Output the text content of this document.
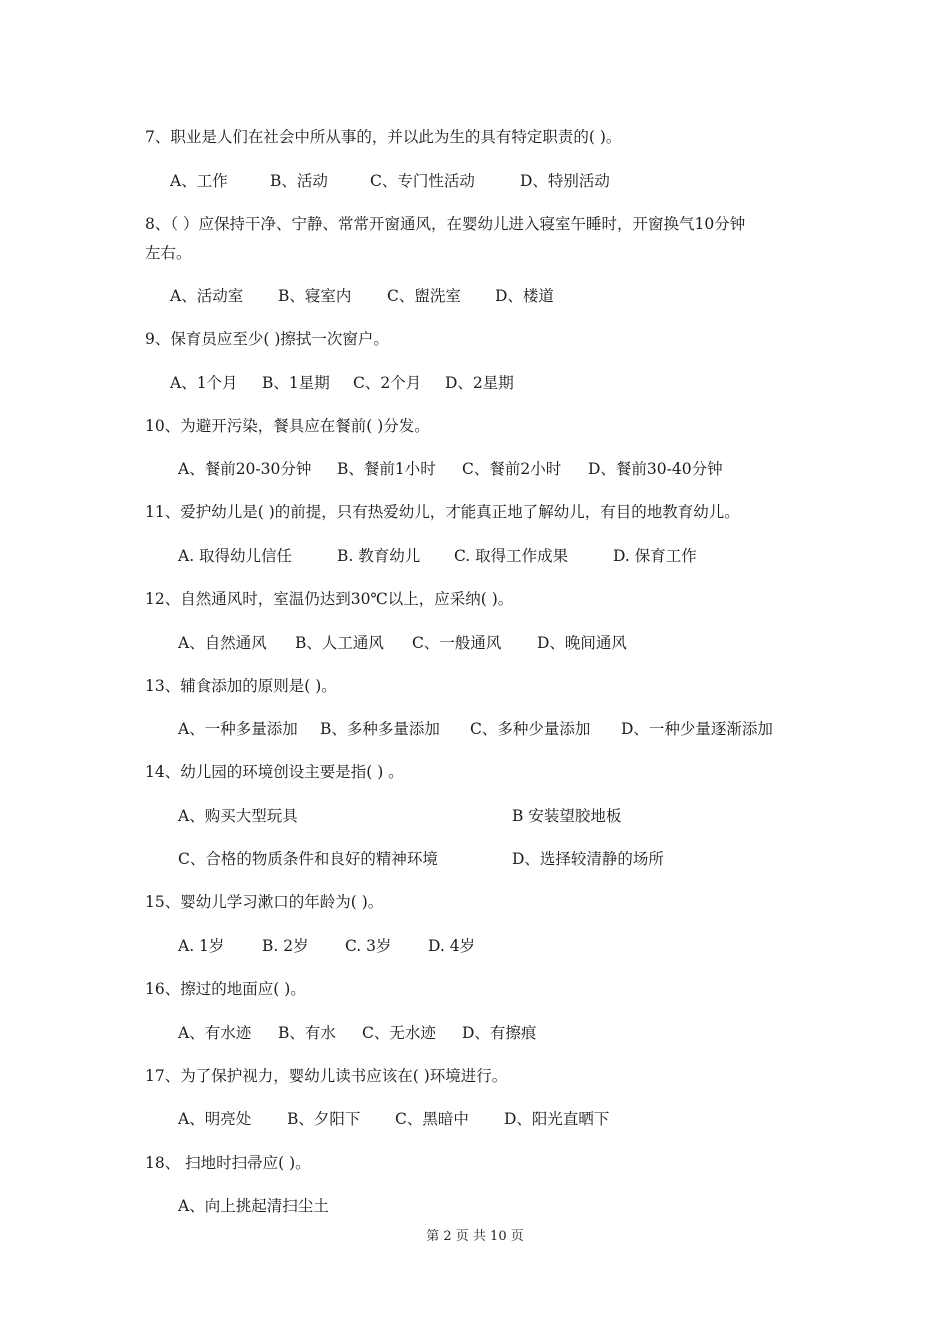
7、职业是人们在社会中所从事的，并以此为生的具有特定职责的( )。
A、工作	B、活动	C、专门性活动	D、特别活动
8、（ ）应保持干净、宁静、常常开窗通风，在婴幼儿进入寝室午睡时，开窗换气10分钟
左右。
A、活动室 B、寝室内 C、盥洗室 D、楼道
9、保育员应至少( )擦拭一次窗户。
A、1个月 B、1星期 C、2个月 D、2星期
10、为避开污染，餐具应在餐前( )分发。
A、餐前20-30分钟 B、餐前1小时 C、餐前2小时 D、餐前30-40分钟
11、爱护幼儿是( )的前提，只有热爱幼儿，才能真正地了解幼儿，有目的地教育幼儿。
A. 取得幼儿信任	B. 教育幼儿 C. 取得工作成果	D. 保育工作
12、自然通风时，室温仍达到30℃以上，应采纳( )。
A、自然通风 B、人工通风 C、一般通风 D、晚间通风
13、辅食添加的原则是( )。
A、一种多量添加 B、多种多量添加 C、多种少量添加 D、一种少量逐渐添加
14、幼儿园的环境创设主要是指( ) 。
A、购买大型玩具	B 安装望胶地板
C、合格的物质条件和良好的精神环境	D、选择较清静的场所
15、婴幼儿学习漱口的年龄为( )。
A. 1岁 B. 2岁 C. 3岁 D. 4岁
16、擦过的地面应( )。
A、有水迹 B、有水 C、无水迹 D、有擦痕
17、为了保护视力，婴幼儿读书应该在( )环境进行。
A、明亮处 B、夕阳下 C、黑暗中 D、阳光直晒下
18、 扫地时扫帚应( )。
A、向上挑起清扫尘土
第 2 页 共 10 页
